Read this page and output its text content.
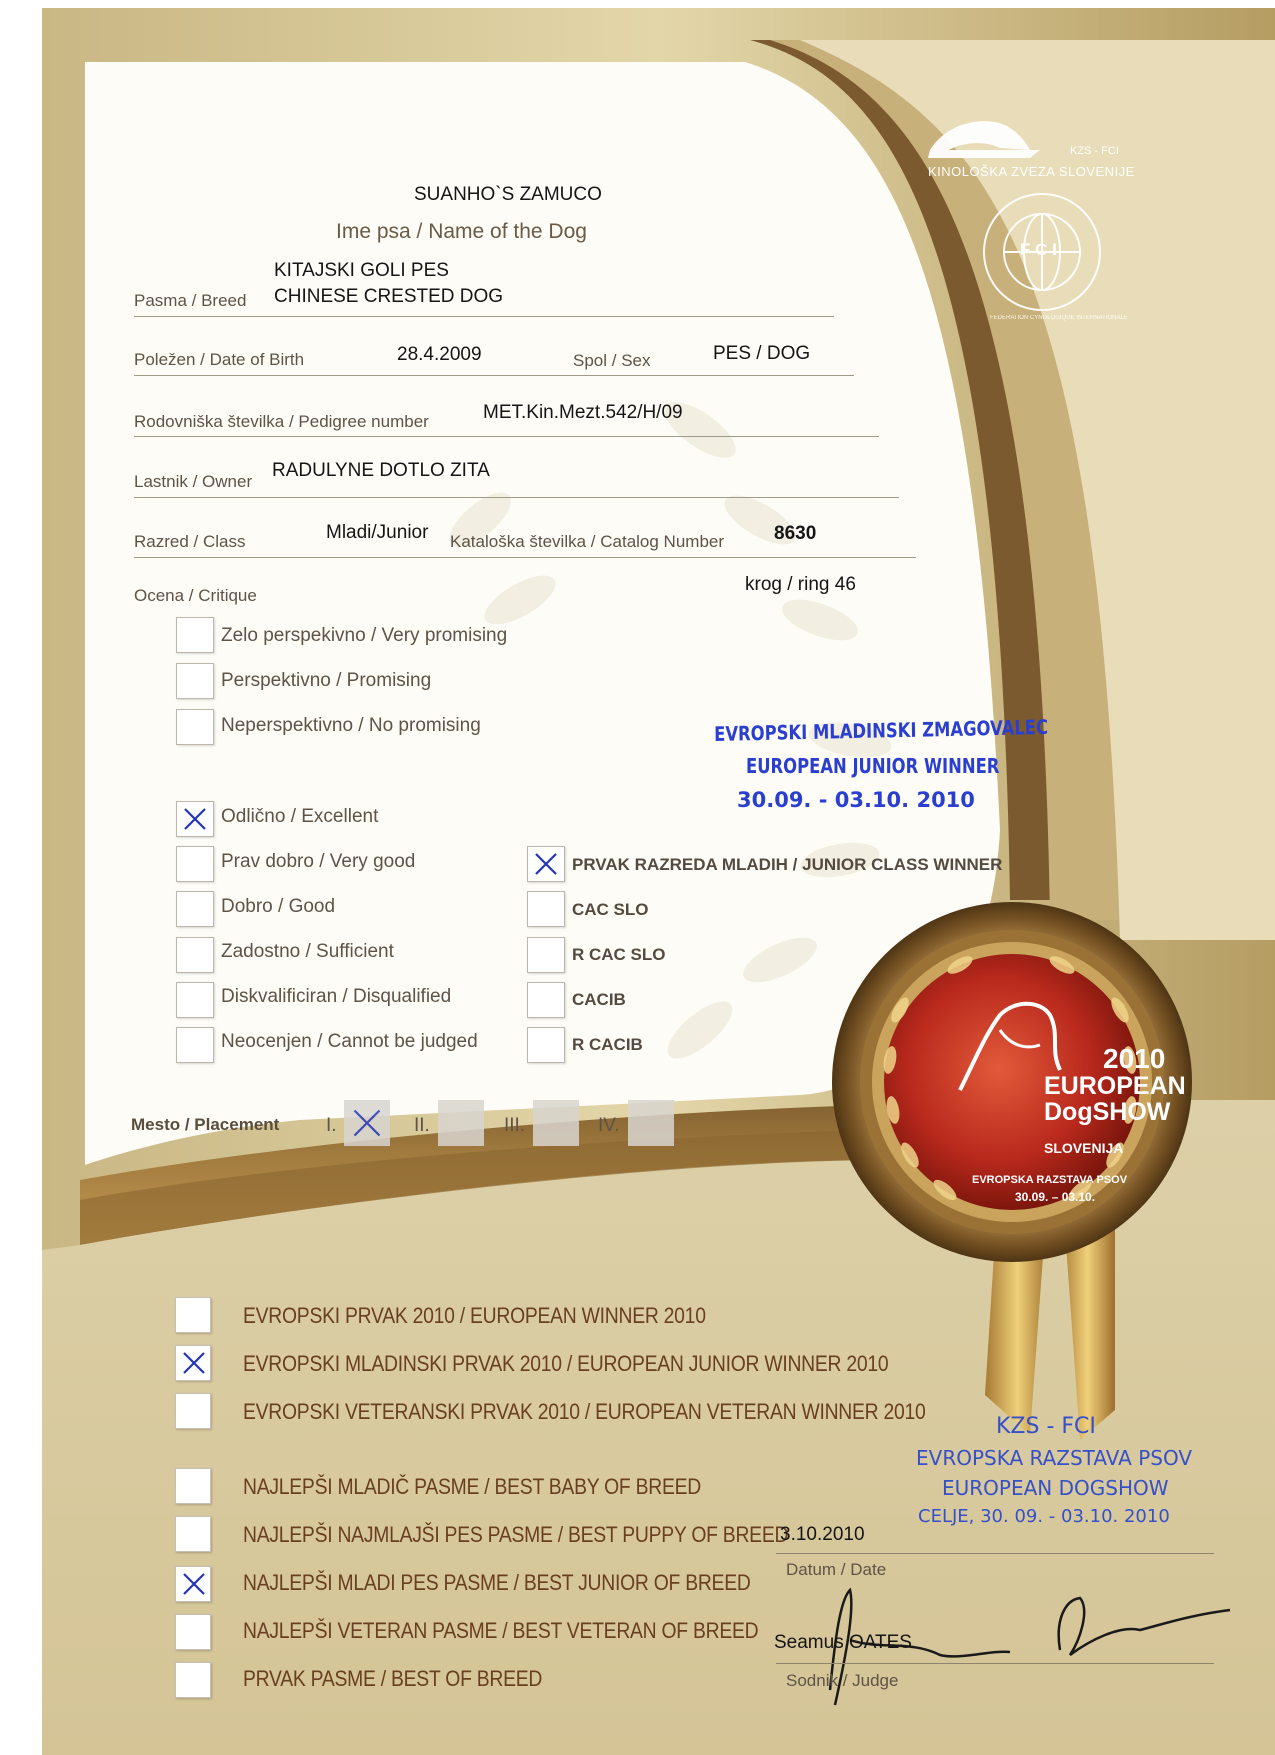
KZS - FCI
KINOLOŠKA ZVEZA SLOVENIJE
F C I
FEDERATION CYNOLOGIQUE INTERNATIONALE
SUANHO`S ZAMUCO
Ime psa / Name of the Dog
KITAJSKI GOLI PES
Pasma / Breed CHINESE CRESTED DOG
Poležen / Date of Birth	28.4.2009	Spol / Sex	PES / DOG
Rodovniška številka / Pedigree number	MET.Kin.Mezt.542/H/09
Lastnik / Owner
RADULYNE DOTLO ZITA
Razred / Class	Mladi/Junior Kataloška številka / Catalog Number	8630
Ocena / Critique
krog / ring 46
Zelo perspekivno / Very promising
Perspektivno / Promising
Neperspektivno / No promising
Odlično / Excellent
Prav dobro / Very good
Dobro / Good
Zadostno / Sufficient
Diskvalificiran / Disqualified
Neocenjen / Cannot be judged
PRVAK RAZREDA MLADIH / JUNIOR CLASS WINNER
CAC SLO
R CAC SLO
CACIB
R CACIB
EVROPSKI MLADINSKI ZMAGOVALEC
EUROPEAN JUNIOR WINNER
30.09. - 03.10. 2010
Mesto / Placement I.	II.	III.	IV.
2010
EUROPEAN
DogSHOW
SLOVENIJA
EVROPSKA RAZSTAVA PSOV
30.09. – 03.10.
EVROPSKI PRVAK 2010 / EUROPEAN WINNER 2010
EVROPSKI MLADINSKI PRVAK 2010 / EUROPEAN JUNIOR WINNER 2010
EVROPSKI VETERANSKI PRVAK 2010 / EUROPEAN VETERAN WINNER 2010
NAJLEPŠI MLADIČ PASME / BEST BABY OF BREED
NAJLEPŠI NAJMLAJŠI PES PASME / BEST PUPPY OF BREED
NAJLEPŠI MLADI PES PASME / BEST JUNIOR OF BREED
NAJLEPŠI VETERAN PASME / BEST VETERAN OF BREED
PRVAK PASME / BEST OF BREED
KZS - FCI
EVROPSKA RAZSTAVA PSOV
EUROPEAN DOGSHOW
CELJE, 30. 09. - 03.10. 2010
3.10.2010
Datum / Date
Seamus OATES
Sodnik / Judge
